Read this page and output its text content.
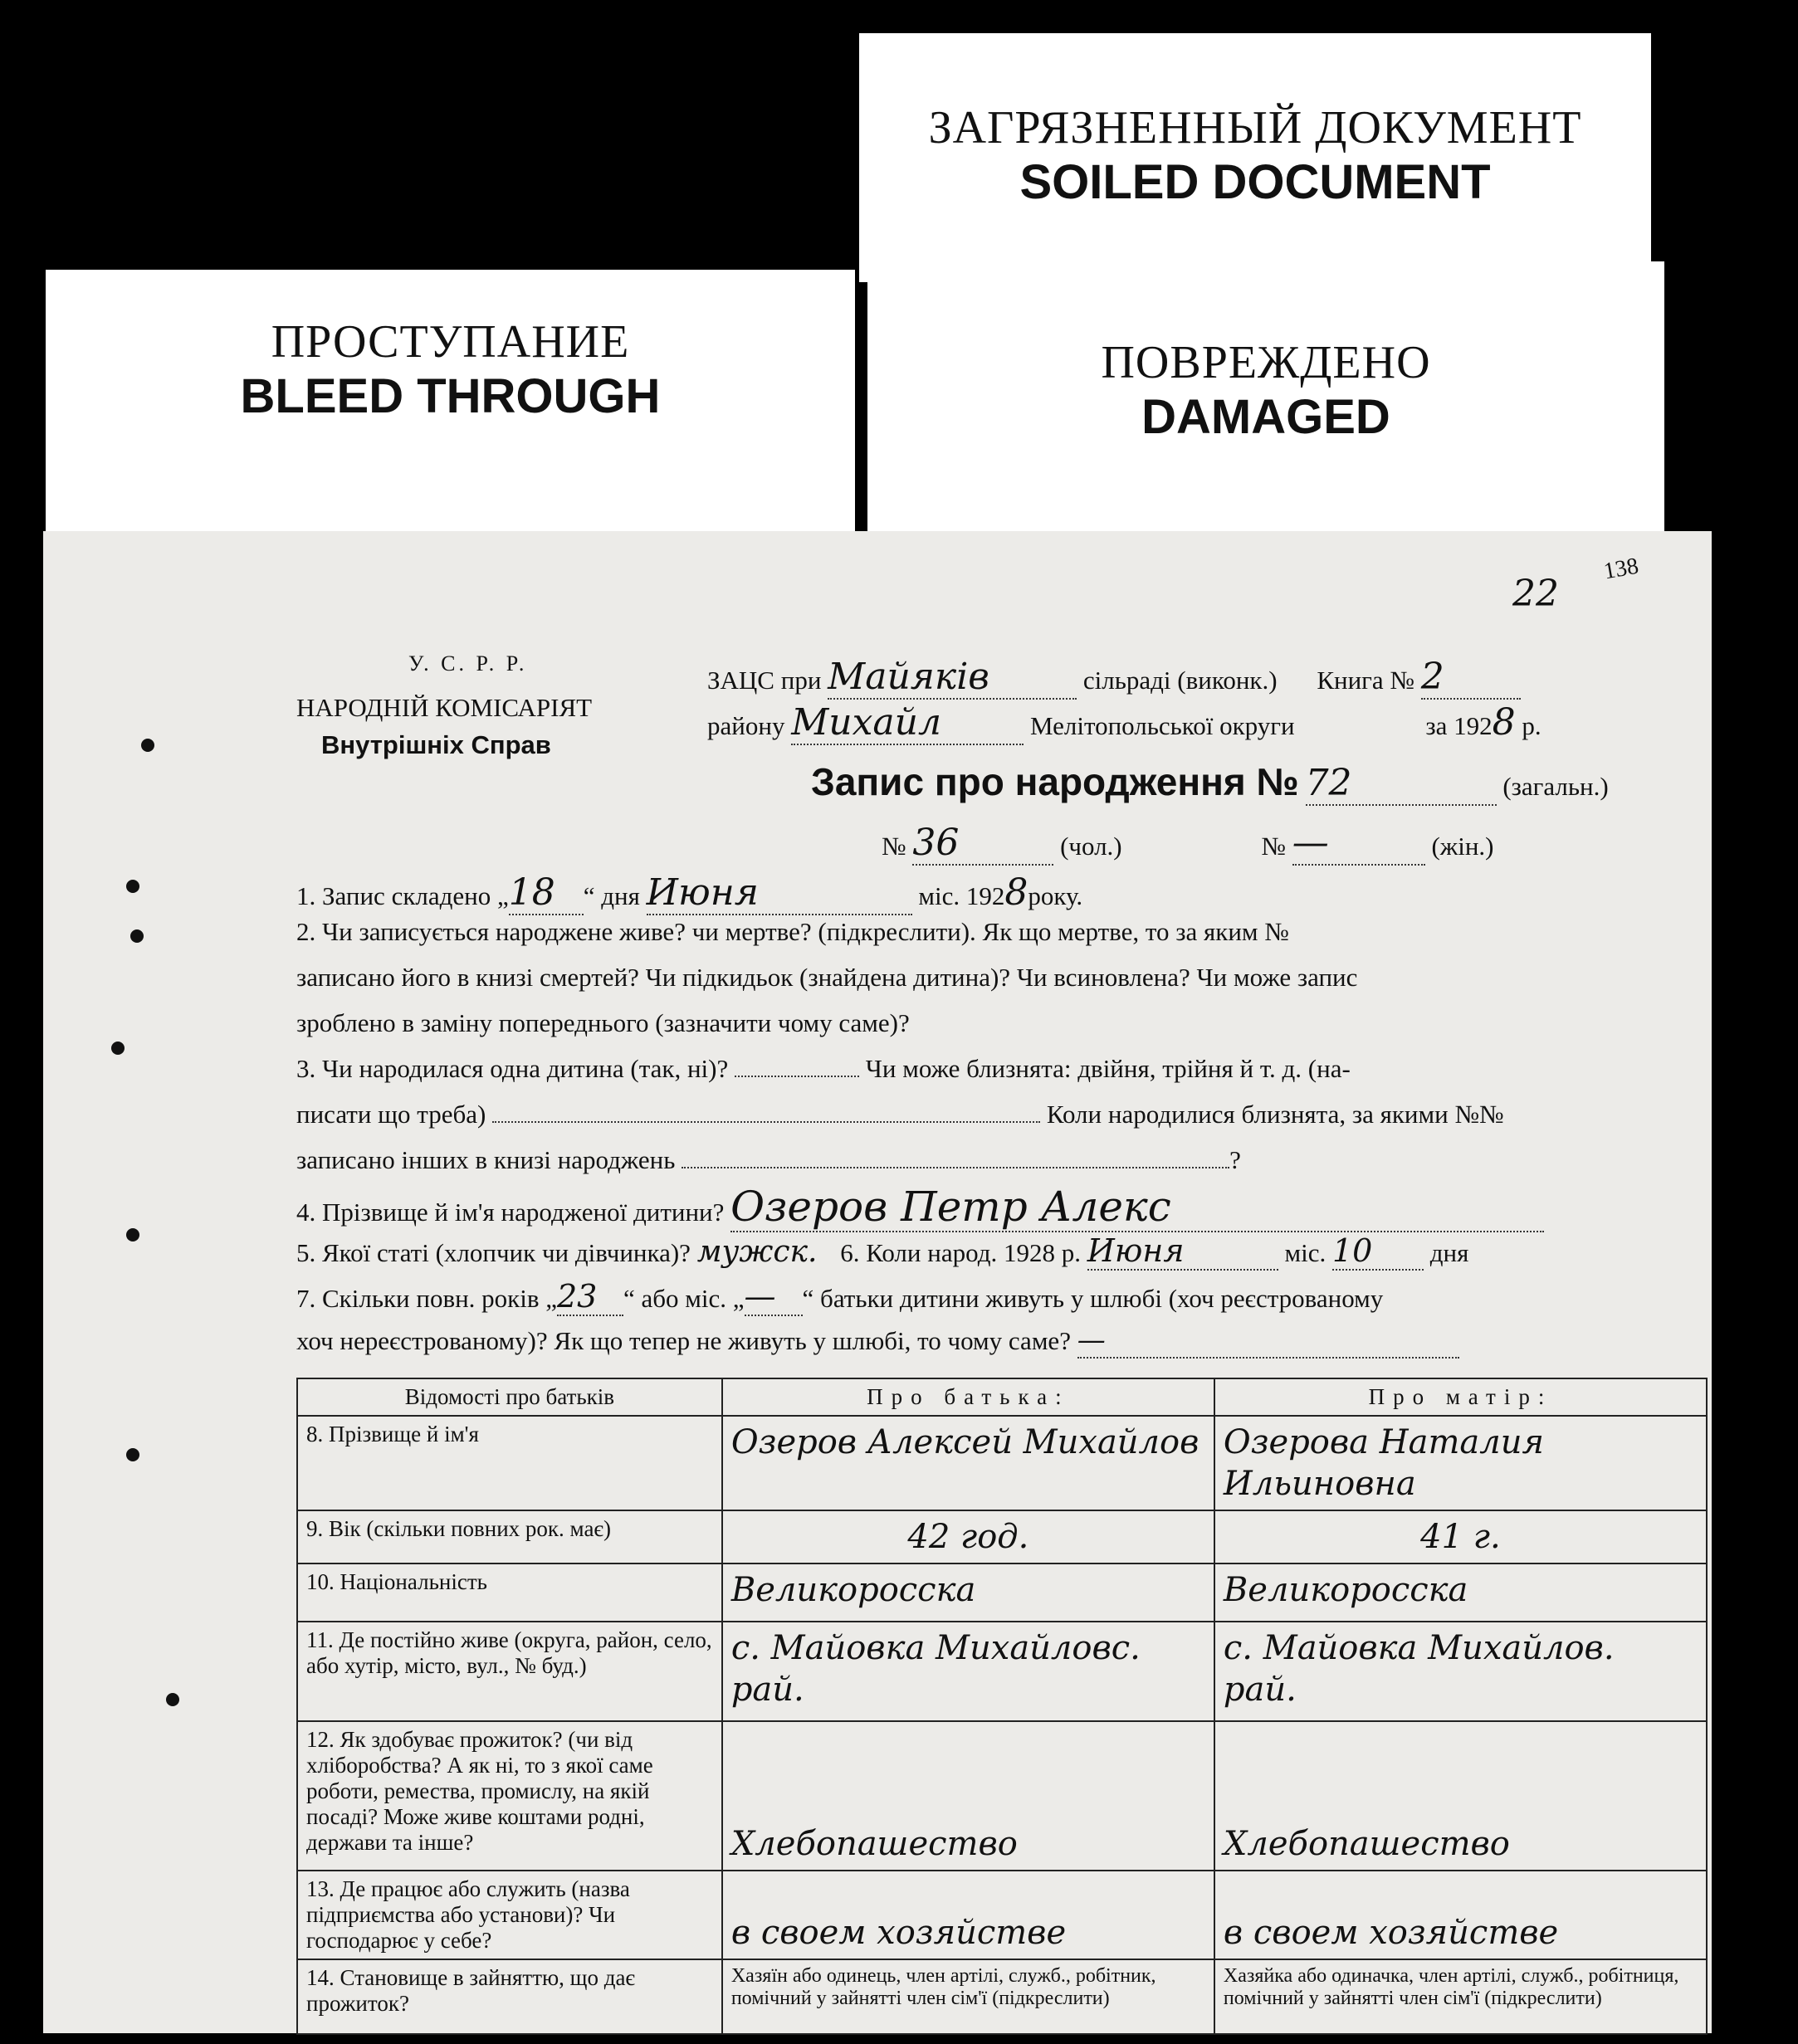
ЗАГРЯЗНЕННЫЙ ДОКУМЕНТ
SOILED DOCUMENT
ПРОСТУПАНИЕ
BLEED THROUGH
ПОВРЕЖДЕНО
DAMAGED
22
138
У. С. Р. Р.
НАРОДНІЙ КОМІСАРІЯТ
Внутрішніх Справ
ЗАЦС при Майяків	сільраді (виконк.) Книга № 2
району Михайл	Мелітопольської округи	за 1928 р.
Запис про народження № 72	(загальн.)
№ 36	(чол.)	№ —	(жін.)
1. Запис складено „18 “ дня Июня	міс. 1928року.
2. Чи записується народжене живе? чи мертве? (підкреслити). Як що мертве, то за яким №
записано його в книзі смертей? Чи підкидьок (знайдена дитина)? Чи всиновлена? Чи може запис
зроблено в заміну попереднього (зазначити чому саме)?
3. Чи народилася одна дитина (так, ні)?	Чи може близнята: двійня, трійня й т. д. (на-
писати що треба)	Коли народилися близнята, за якими №№
записано інших в книзі народжень	?
4. Прізвище й ім'я народженої дитини? Озеров Петр Алекс
5. Якої статі (хлопчик чи дівчинка)? мужск. 6. Коли народ. 1928 р. Июня	міс. 10 дня
7. Скільки повн. років „23 “ або міс. „— “ батьки дитини живуть у шлюбі (хоч реєстрованому
хоч нереєстрованому)? Як що тепер не живуть у шлюбі, то чому саме? —
Відомості про батьків	Про батька:	Про матір:
8. Прізвище й ім'я	Озеров Алексей Михайлов	Озерова Наталия Ильиновна
9. Вік (скільки повних рок. має)	42 год.	41 г.
10. Національність	Великоросска	Великоросска
11. Де постійно живе (округа, район, село, або хутір, місто, вул., № буд.)	с. Майовка Михайловс. рай.	с. Майовка Михайлов. рай.
12. Як здобуває прожиток? (чи від хліборобства? А як ні, то з якої саме роботи, ремества, промислу, на якій посаді? Може живе коштами родні, держави та інше?	Хлебопашество	Хлебопашество
13. Де працює або служить (назва підприємства або установи)? Чи господарює у себе?	в своем хозяйстве	в своем хозяйстве
14. Становище в зайняттю, що дає прожиток?	Хазяїн або одинець, член артілі, служб., робітник, помічний у зайнятті член сім'ї (підкреслити)	Хазяйка або одиначка, член артілі, служб., робітниця, помічний у зайнятті член сім'ї (підкреслити)
